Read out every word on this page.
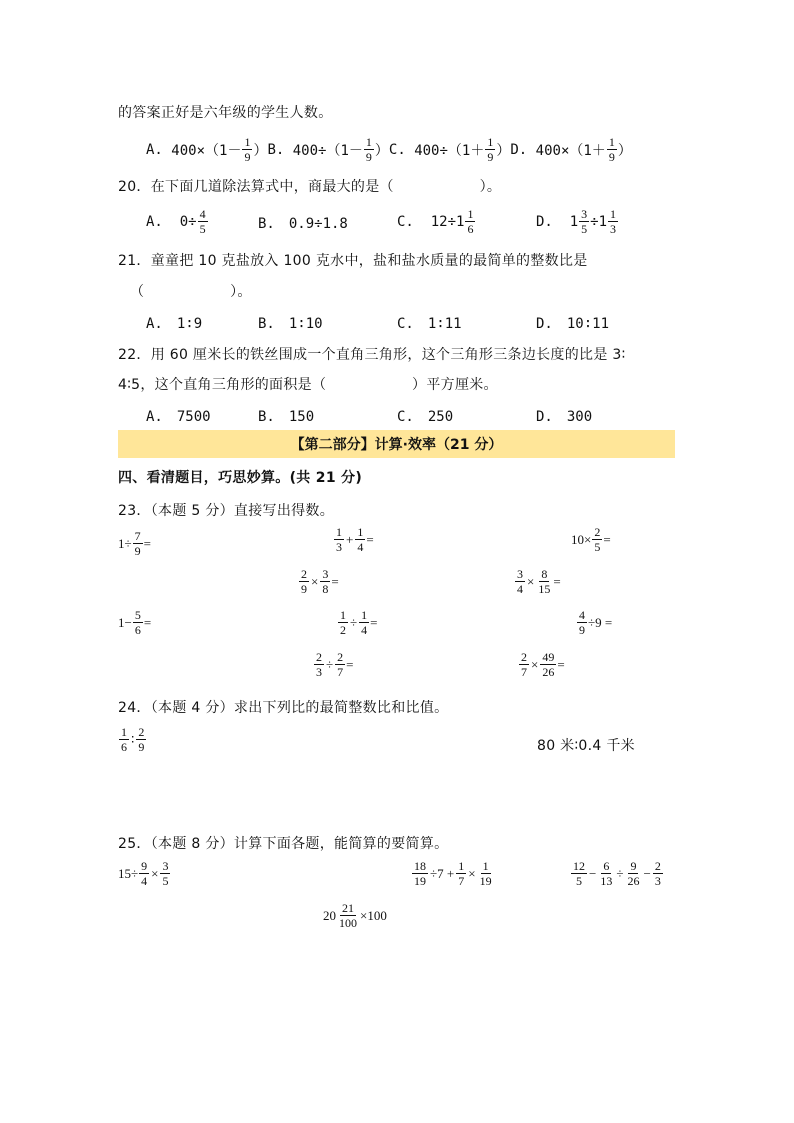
的答案正好是六年级的学生人数。
A.
$400\times(1- \frac{1}{9}$ ） B.
$400\div(1- \frac{1}{9}$ ） C.
$400\div(1+ \frac{1}{9}$ ） D.
$400\times(1+ \frac{1}{9}$ ）
20．在下面几道除法算式中，商最大的是（　　　　　　）。
A.
$0\div \frac{4}{5}$	B.　0.9÷1.8	C.
$12\div 1 \frac{1}{6}$	D.
$1 \frac{3}{5} \div 1 \frac{1}{3}$
21．童童把 10 克盐放入 100 克水中，盐和盐水质量的最简单的整数比是
（　　　　　　）。
A.　1∶9	B.　1∶10	C.　1∶11	D.　10∶11
22．用 60 厘米长的铁丝围成一个直角三角形，这个三角形三条边长度的比是 3∶
4∶5，这个直角三角形的面积是（　　　　　　）平方厘米。
A.　7500	B.　150	C.　250	D.　300
【第二部分】计算·效率（21 分）
四、看清题目，巧思妙算。(共 21 分)
23．（本题 5 分）直接写出得数。
$1\div \frac{7}{9}$ =	$\frac{1}{3} + \frac{1}{4}$ =	$10\times \frac{2}{5}$ =
$\frac{2}{9} \times \frac{3}{8}$ =	$\frac{3}{4} \times \frac{8}{15}$ =
$1- \frac{5}{6}$ =	$\frac{1}{2} \div \frac{1}{4}$ =	$\frac{4}{9} \div 9$ =
$\frac{2}{3} \div \frac{2}{7}$ =	$\frac{2}{7} \times \frac{49}{26}$ =
24．（本题 4 分）求出下列比的最简整数比和比值。
$\frac{1}{6}$ ∶ $\frac{2}{9}$	80 米∶0.4 千米
25．（本题 8 分）计算下面各题，能简算的要简算。
$15\div \frac{9}{4} \times \frac{3}{5}$	$\frac{18}{19} \div 7 + \frac{1}{7} \times \frac{1}{19}$	$\frac{12}{5} - \frac{6}{13} \div \frac{9}{26} - \frac{2}{3}$
$20 \frac{21}{100} \times 100$
